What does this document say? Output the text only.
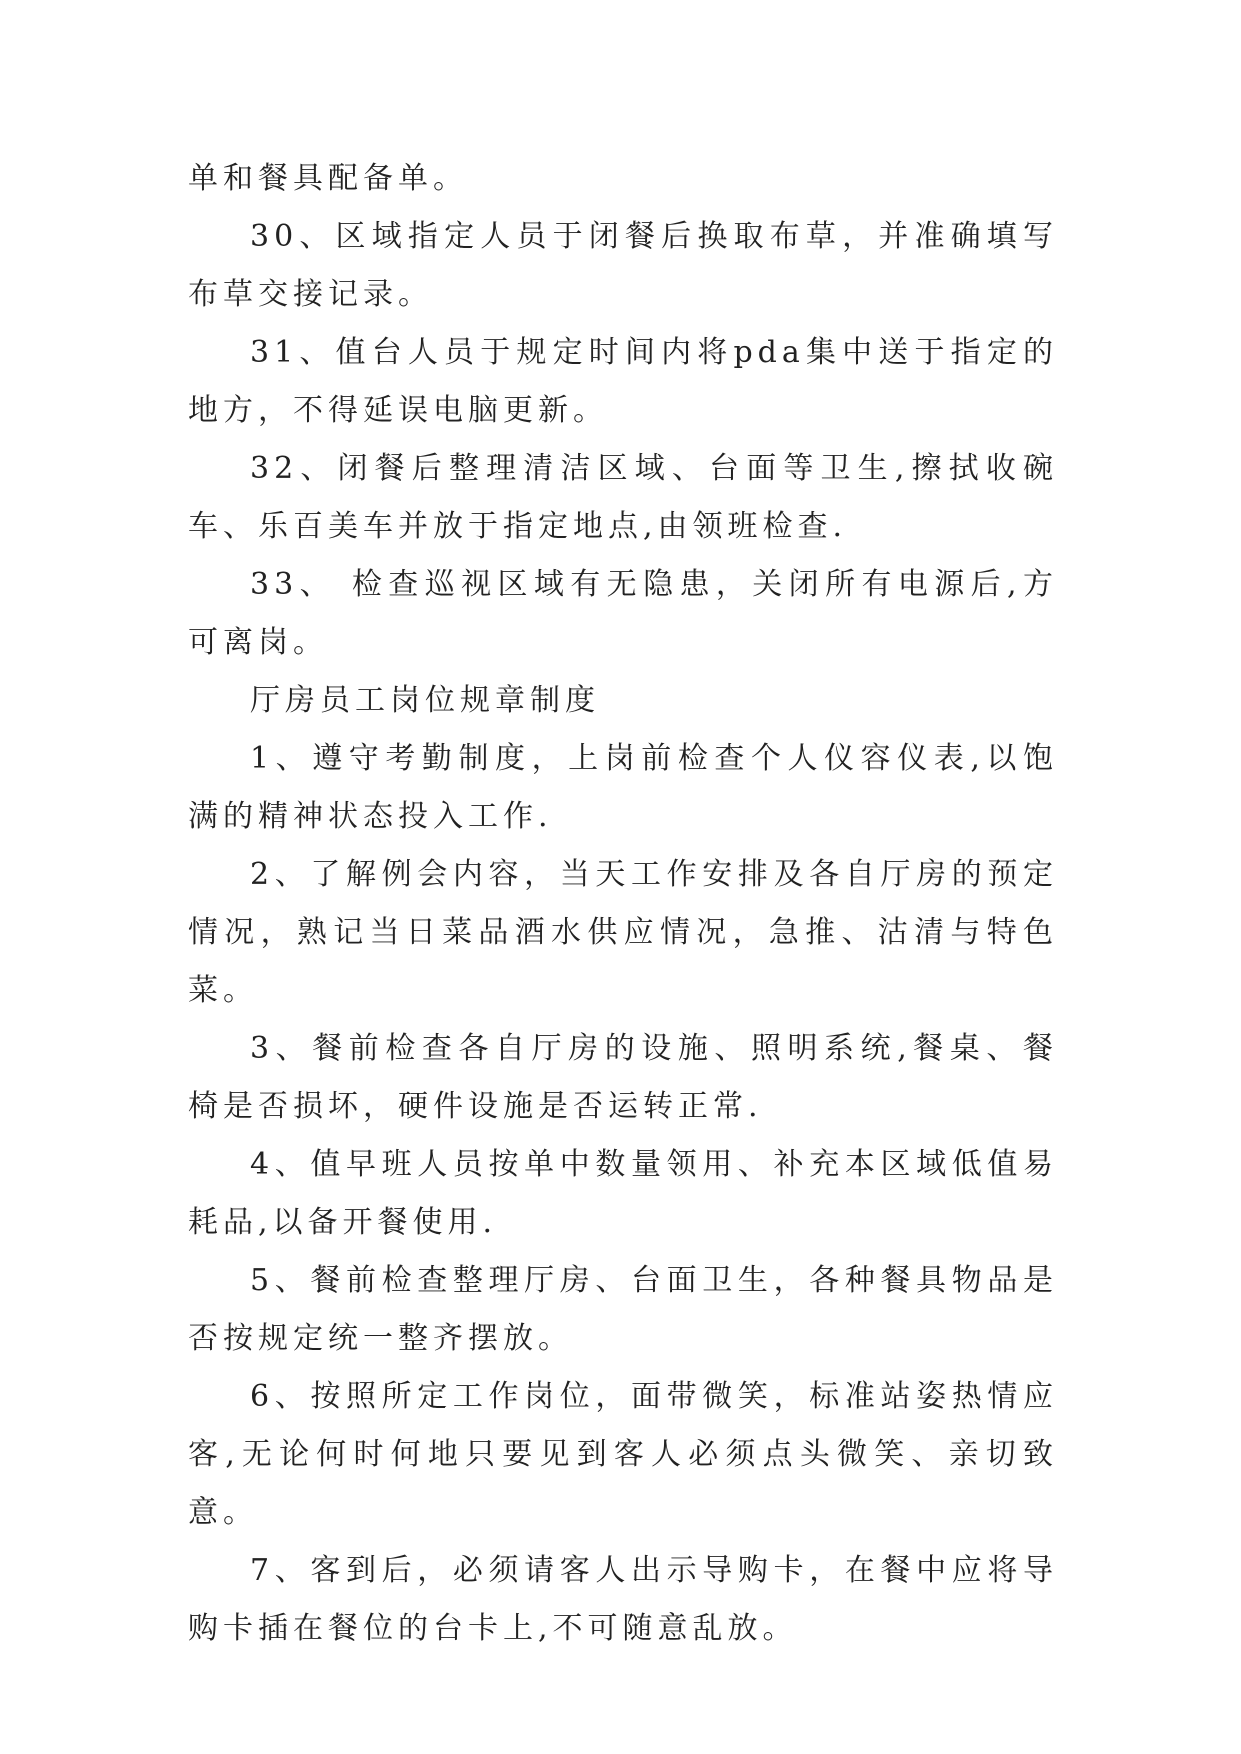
单和餐具配备单。

30、区域指定人员于闭餐后换取布草，并准确填写布草交接记录。

31、值台人员于规定时间内将pda集中送于指定的地方，不得延误电脑更新。

32、闭餐后整理清洁区域、台面等卫生,擦拭收碗车、乐百美车并放于指定地点,由领班检查.

33、 检查巡视区域有无隐患，关闭所有电源后,方可离岗。

厅房员工岗位规章制度

1、遵守考勤制度，上岗前检查个人仪容仪表,以饱满的精神状态投入工作.

2、了解例会内容，当天工作安排及各自厅房的预定情况，熟记当日菜品酒水供应情况，急推、沽清与特色菜。

3、餐前检查各自厅房的设施、照明系统,餐桌、餐椅是否损坏，硬件设施是否运转正常.

4、值早班人员按单中数量领用、补充本区域低值易耗品,以备开餐使用.

5、餐前检查整理厅房、台面卫生，各种餐具物品是否按规定统一整齐摆放。

6、按照所定工作岗位，面带微笑，标准站姿热情应客,无论何时何地只要见到客人必须点头微笑、亲切致意。

7、客到后，必须请客人出示导购卡，在餐中应将导购卡插在餐位的台卡上,不可随意乱放。
